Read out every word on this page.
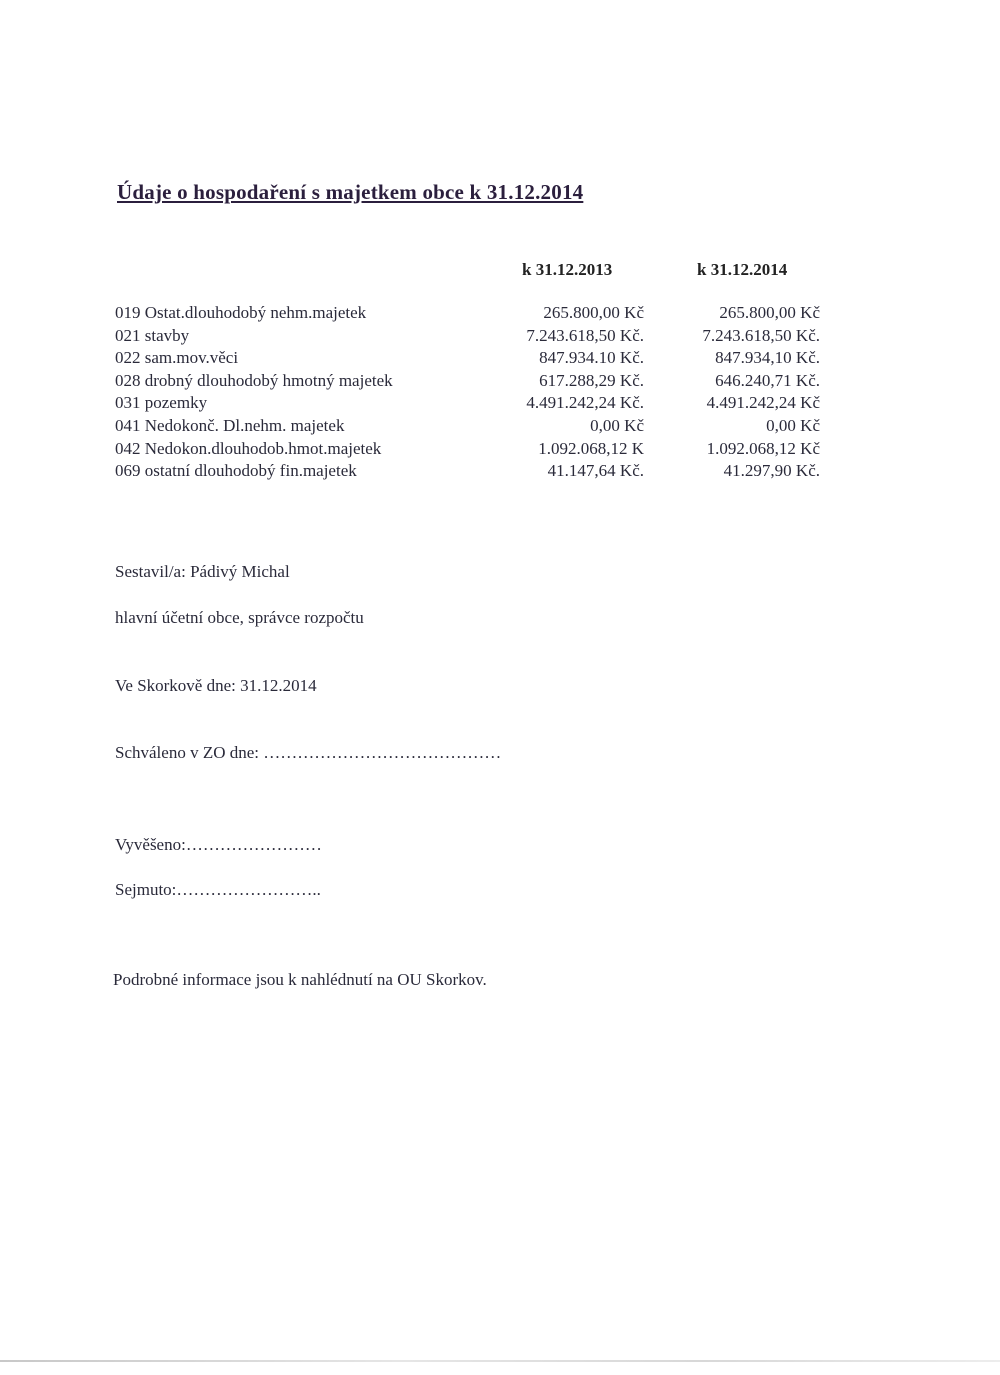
Údaje o hospodaření s majetkem obce k 31.12.2014
k 31.12.2013	k 31.12.2014
019 Ostat.dlouhodobý nehm.majetek	265.800,00 Kč	265.800,00 Kč
021 stavby	7.243.618,50 Kč.	7.243.618,50 Kč.
022 sam.mov.věci	847.934.10 Kč.	847.934,10 Kč.
028 drobný dlouhodobý hmotný majetek	617.288,29 Kč.	646.240,71 Kč.
031 pozemky	4.491.242,24 Kč.	4.491.242,24 Kč
041 Nedokonč. Dl.nehm. majetek	0,00 Kč	0,00 Kč
042 Nedokon.dlouhodob.hmot.majetek	1.092.068,12 K	1.092.068,12 Kč
069 ostatní dlouhodobý fin.majetek	41.147,64 Kč.	41.297,90 Kč.
Sestavil/a: Pádivý Michal
hlavní účetní obce, správce rozpočtu
Ve Skorkově dne: 31.12.2014
Schváleno v ZO dne: ……………………………………
Vyvěšeno:……………………
Sejmuto:……………………..
Podrobné informace jsou k nahlédnutí na OU Skorkov.
